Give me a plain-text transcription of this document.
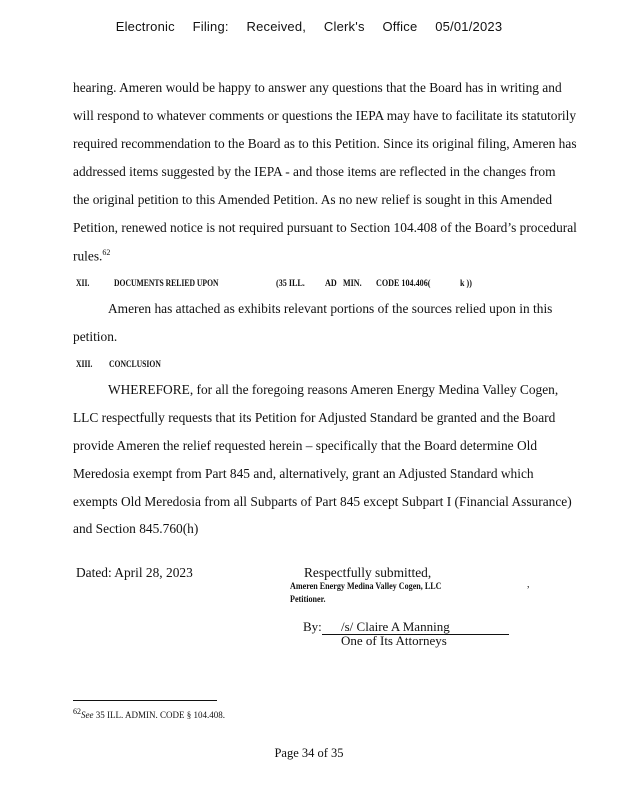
Electronic Filing: Received, Clerk's Office 05/01/2023
hearing. Ameren would be happy to answer any questions that the Board has in writing and
will respond to whatever comments or questions the IEPA may have to facilitate its statutorily
required recommendation to the Board as to this Petition. Since its original filing, Ameren has
addressed items suggested by the IEPA - and those items are reflected in the changes from
the original petition to this Amended Petition. As no new relief is sought in this Amended
Petition, renewed notice is not required pursuant to Section 104.408 of the Board’s procedural
rules.$^{62}$
XII.	DOCUMENTS RELIED UPON	(35 ILL. AD MIN. CODE 104.406(	k ))
Ameren has attached as exhibits relevant portions of the sources relied upon in this
petition.
XIII. CONCLUSION
WHEREFORE, for all the foregoing reasons Ameren Energy Medina Valley Cogen,
LLC respectfully requests that its Petition for Adjusted Standard be granted and the Board
provide Ameren the relief requested herein – specifically that the Board determine Old
Meredosia exempt from Part 845 and, alternatively, grant an Adjusted Standard which
exempts Old Meredosia from all Subparts of Part 845 except Subpart I (Financial Assurance)
and Section 845.760(h)
Dated: April 28, 2023	Respectfully submitted,
Ameren Energy Medina Valley Cogen, LLC	,
Petitioner.
By: /s/ Claire A Manning
One of Its Attorneys
$^{62}$See 35 ILL. ADMIN. CODE § 104.408.
Page 34 of 35
